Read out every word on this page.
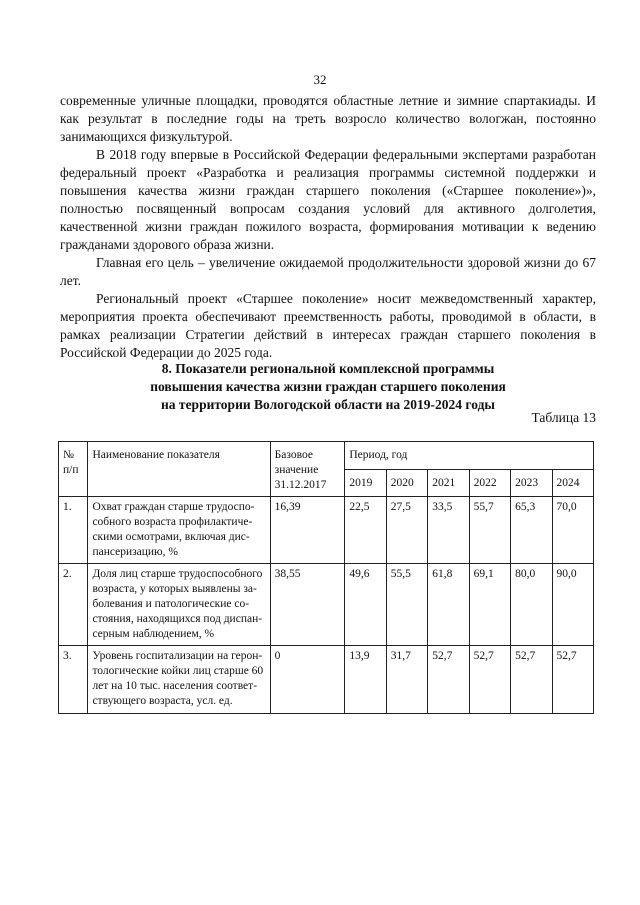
32

современные уличные площадки, проводятся областные летние и зимние спартакиады. И как результат в последние годы на треть возросло количество вологжан, постоянно занимающихся физкультурой.

В 2018 году впервые в Российской Федерации федеральными экспертами разработан федеральный проект «Разработка и реализация программы системной поддержки и повышения качества жизни граждан старшего поколения («Старшее поколение»)», полностью посвященный вопросам создания условий для активного долголетия, качественной жизни граждан пожилого возраста, формирования мотивации к ведению гражданами здорового образа жизни.

Главная его цель – увеличение ожидаемой продолжительности здоровой жизни до 67 лет.

Региональный проект «Старшее поколение» носит межведомственный характер, мероприятия проекта обеспечивают преемственность работы, проводимой в области, в рамках реализации Стратегии действий в интересах граждан старшего поколения в Российской Федерации до 2025 года.

8. Показатели региональной комплексной программы
повышения качества жизни граждан старшего поколения
на территории Вологодской области на 2019-2024 годы
Таблица 13
№ п/п	Наименование показателя	Базовое значение 31.12.2017	Период, год					
			2019	2020	2021	2022	2023	2024
1.	Охват граждан старше трудоспо-собного возраста профилактиче-скими осмотрами, включая дис-пансеризацию, %	16,39	22,5	27,5	33,5	55,7	65,3	70,0
2.	Доля лиц старше трудоспособного возраста, у которых выявлены за-болевания и патологические со-стояния, находящихся под диспан-серным наблюдением, %	38,55	49,6	55,5	61,8	69,1	80,0	90,0
3.	Уровень госпитализации на герон-тологические койки лиц старше 60 лет на 10 тыс. населения соответ-ствующего возраста, усл. ед.	0	13,9	31,7	52,7	52,7	52,7	52,7
